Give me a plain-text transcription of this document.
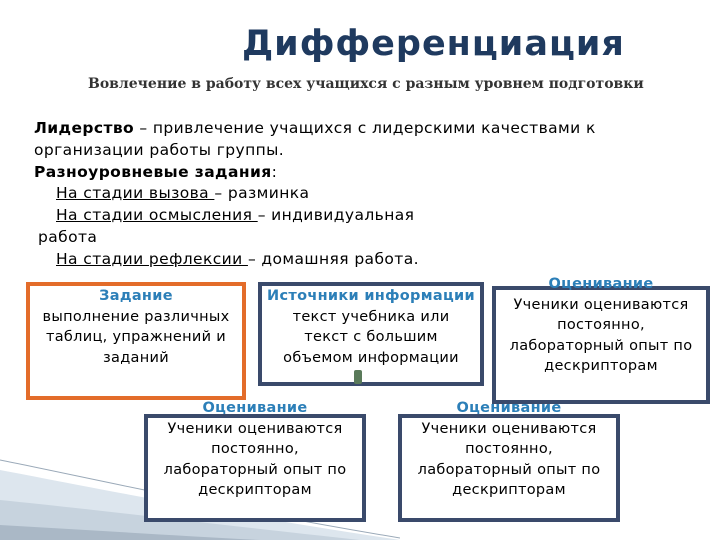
Дифференциация
Вовлечение в работу всех учащихся с разным уровнем подготовки

Лидерство – привлечение учащихся с лидерскими качествами к

организации работы группы.

Разноуровневые задания:

На стадии вызова – разминка

На стадии осмысления – индивидуальная

работа

На стадии рефлексии – домашняя работа.

Задание
выполнение различных таблиц, упражнений и заданий
Источники информации
текст учебника или текст с большим объемом информации
Оценивание
Ученики оцениваются постоянно, лабораторный опыт по дескрипторам
Оценивание
Ученики оцениваются постоянно, лабораторный опыт по дескрипторам
Оценивание
Ученики оцениваются постоянно, лабораторный опыт по дескрипторам
